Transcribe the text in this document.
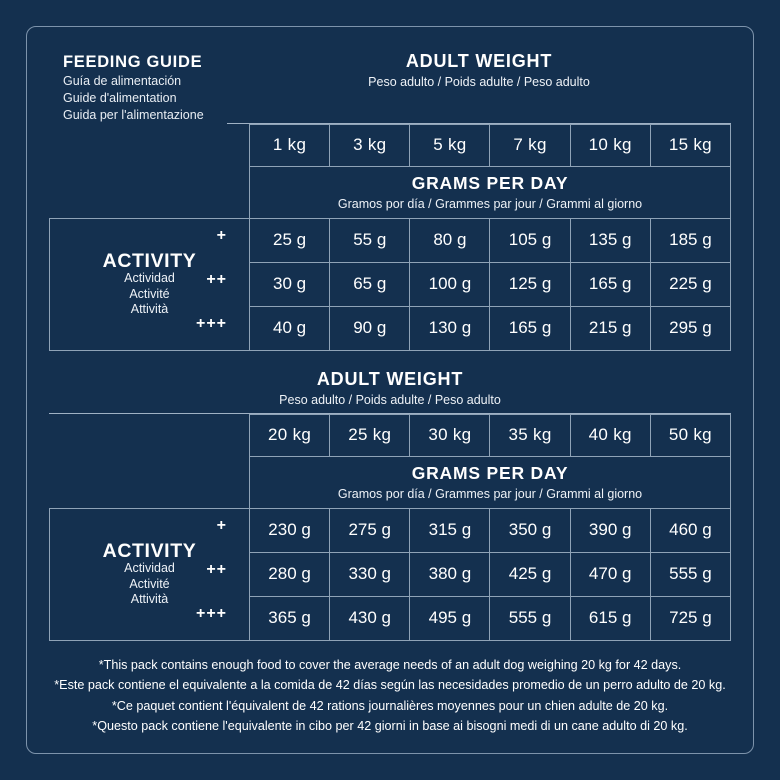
FEEDING GUIDE
Guía de alimentación
Guide d'alimentation
Guida per l'alimentazione
ADULT WEIGHT
Peso adulto / Poids adulte / Peso adulto
	1 kg	3 kg	5 kg	7 kg	10 kg	15 kg

	GRAMS PER DAY
Gramos por día / Grammes par jour / Grammi al giorno					

ACTIVITY
Actividad
Activité
Attività
+
++
+++
	25 g	55 g	80 g	105 g	135 g	185 g
	30 g	65 g	100 g	125 g	165 g	225 g
	40 g	90 g	130 g	165 g	215 g	295 g
ADULT WEIGHT
Peso adulto / Poids adulte / Peso adulto
	20 kg	25 kg	30 kg	35 kg	40 kg	50 kg

	GRAMS PER DAY
Gramos por día / Grammes par jour / Grammi al giorno					

ACTIVITY
Actividad
Activité
Attività
+
++
+++
	230 g	275 g	315 g	350 g	390 g	460 g
	280 g	330 g	380 g	425 g	470 g	555 g
	365 g	430 g	495 g	555 g	615 g	725 g
*This pack contains enough food to cover the average needs of an adult dog weighing 20 kg for 42 days.
*Este pack contiene el equivalente a la comida de 42 días según las necesidades promedio de un perro adulto de 20 kg.
*Ce paquet contient l'équivalent de 42 rations journalières moyennes pour un chien adulte de 20 kg.
*Questo pack contiene l'equivalente in cibo per 42 giorni in base ai bisogni medi di un cane adulto di 20 kg.
